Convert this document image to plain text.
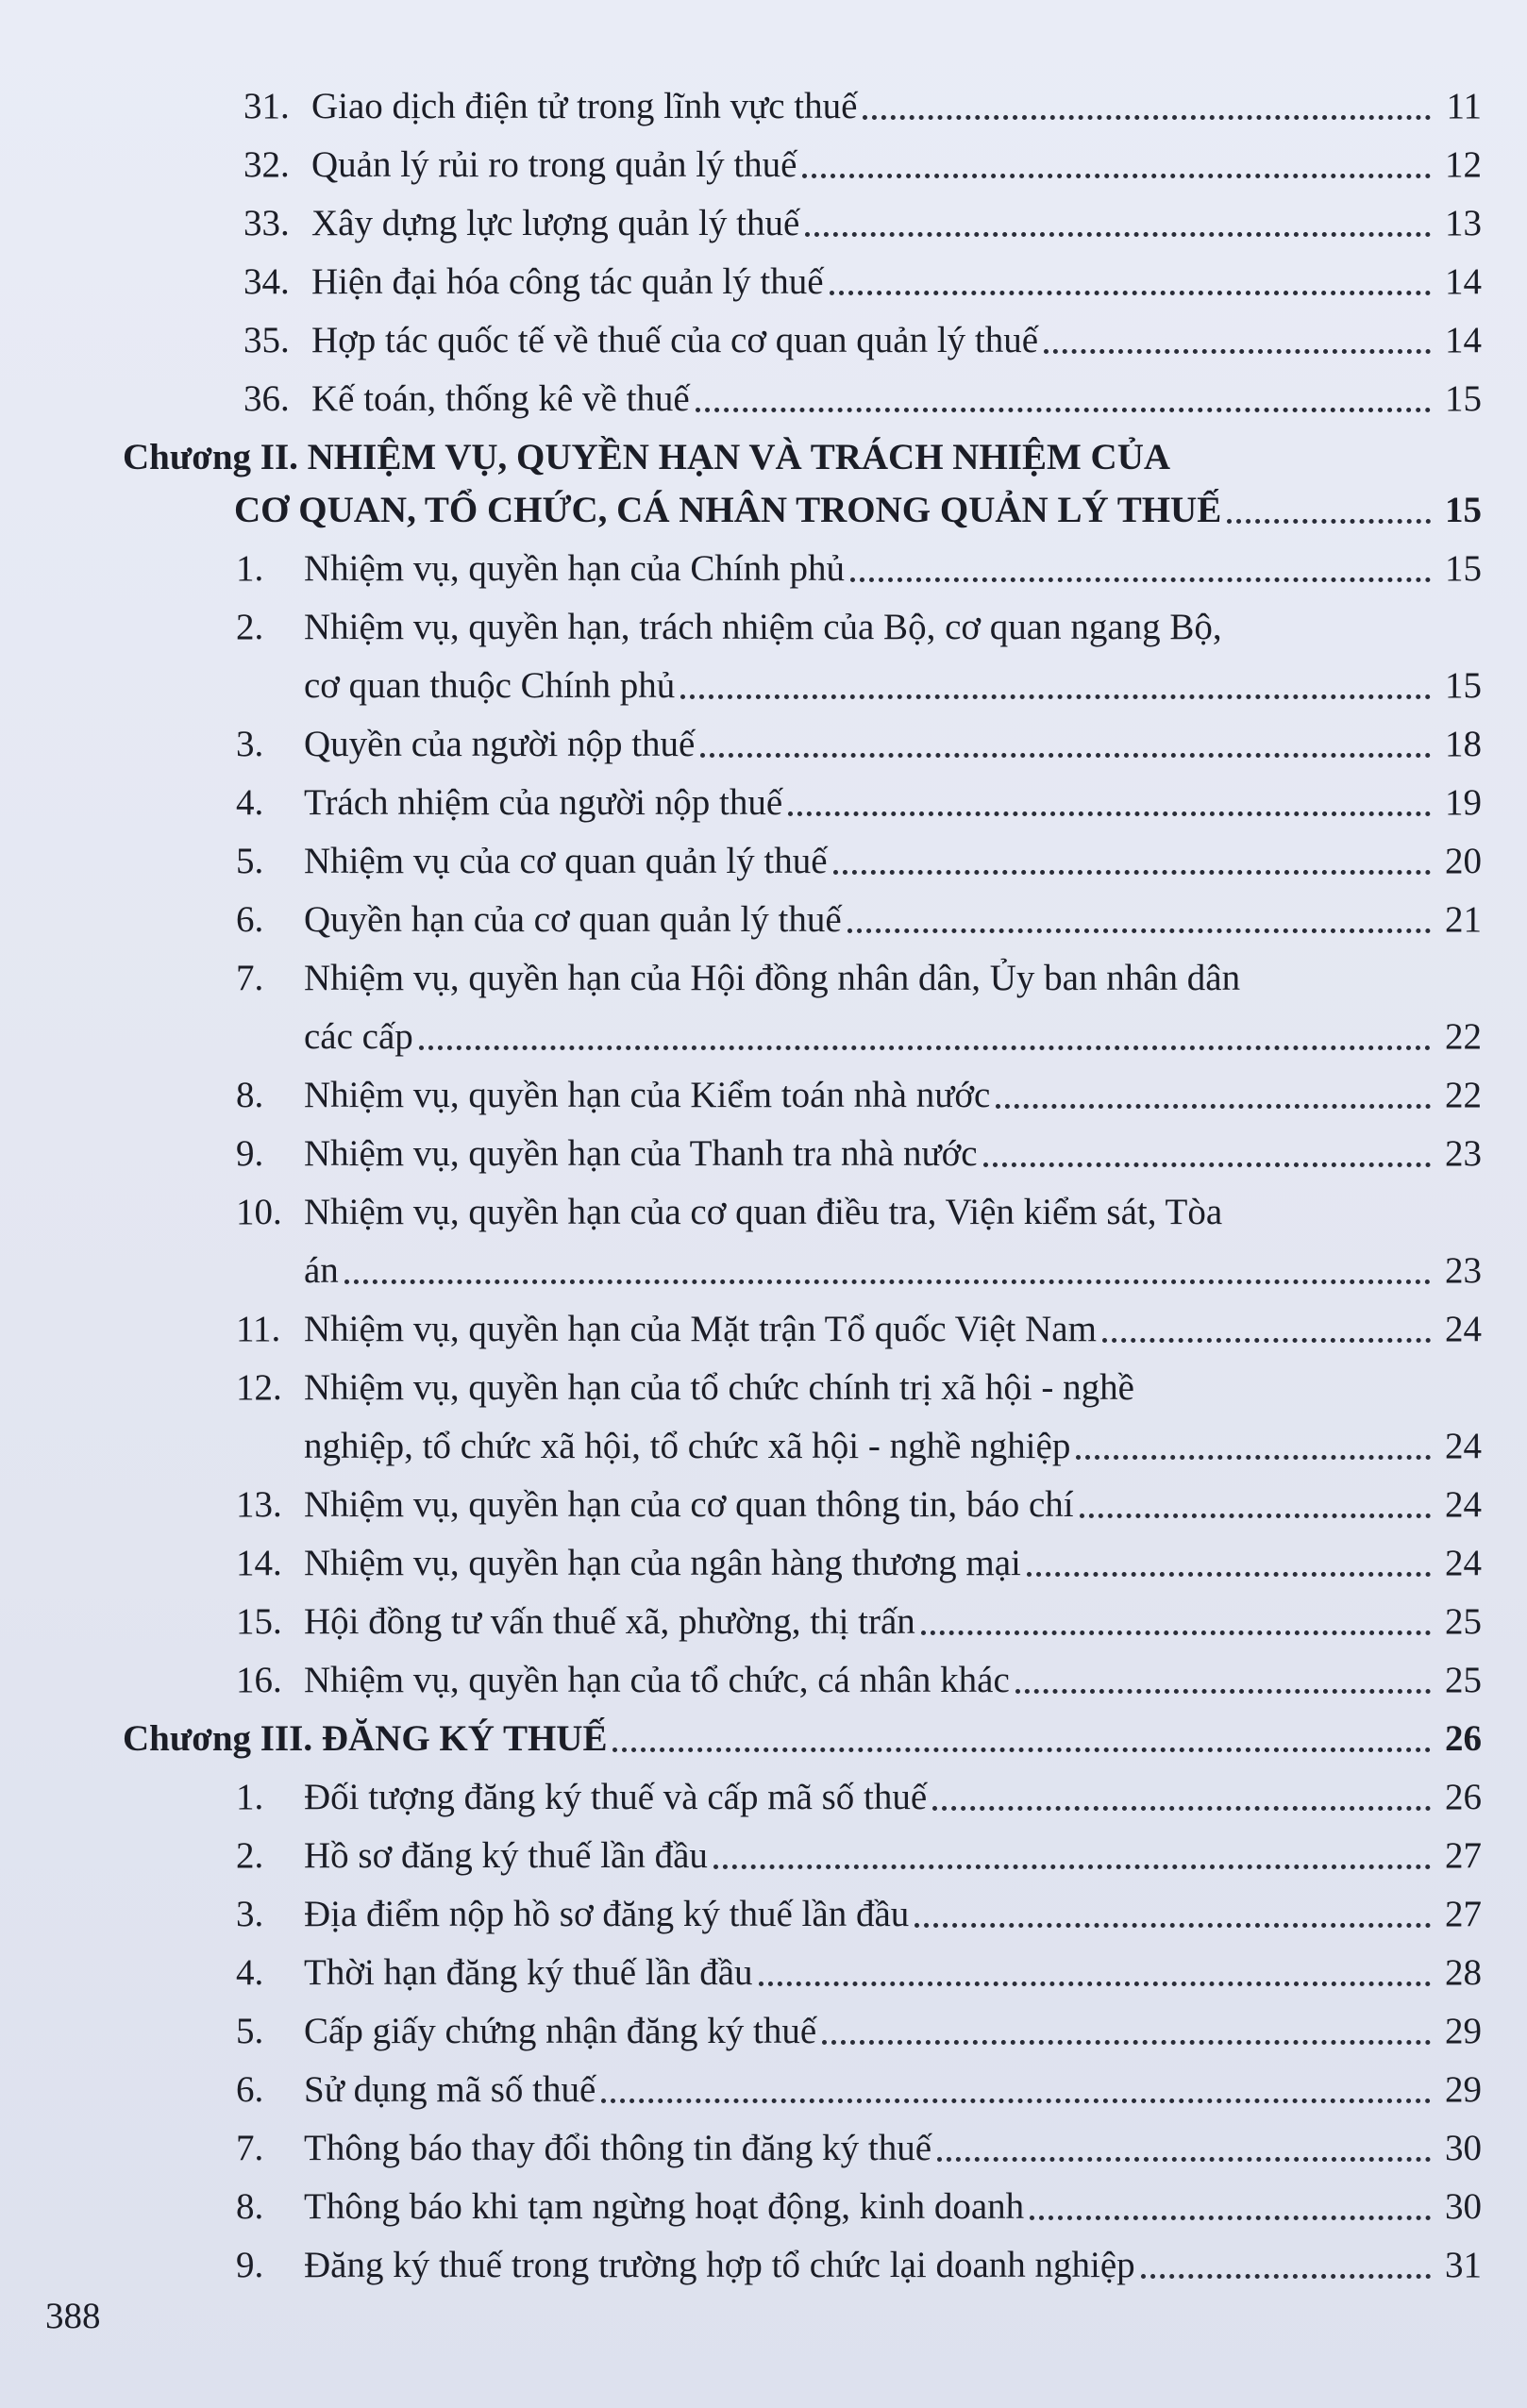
31. Giao dịch điện tử trong lĩnh vực thuế	11
32. Quản lý rủi ro trong quản lý thuế	12
33. Xây dựng lực lượng quản lý thuế	13
34. Hiện đại hóa công tác quản lý thuế	14
35. Hợp tác quốc tế về thuế của cơ quan quản lý thuế	14
36. Kế toán, thống kê về thuế	15
Chương II. NHIỆM VỤ, QUYỀN HẠN VÀ TRÁCH NHIỆM CỦA
CƠ QUAN, TỔ CHỨC, CÁ NHÂN TRONG QUẢN LÝ THUẾ	15
1.	Nhiệm vụ, quyền hạn của Chính phủ	15
2.	Nhiệm vụ, quyền hạn, trách nhiệm của Bộ, cơ quan ngang Bộ,
cơ quan thuộc Chính phủ	15
3.	Quyền của người nộp thuế	18
4.	Trách nhiệm của người nộp thuế	19
5.	Nhiệm vụ của cơ quan quản lý thuế	20
6.	Quyền hạn của cơ quan quản lý thuế	21
7.	Nhiệm vụ, quyền hạn của Hội đồng nhân dân, Ủy ban nhân dân
các cấp	22
8.	Nhiệm vụ, quyền hạn của Kiểm toán nhà nước	22
9.	Nhiệm vụ, quyền hạn của Thanh tra nhà nước	23
10. Nhiệm vụ, quyền hạn của cơ quan điều tra, Viện kiểm sát, Tòa
án	23
11. Nhiệm vụ, quyền hạn của Mặt trận Tổ quốc Việt Nam	24
12. Nhiệm vụ, quyền hạn của tổ chức chính trị xã hội - nghề
nghiệp, tổ chức xã hội, tổ chức xã hội - nghề nghiệp	24
13. Nhiệm vụ, quyền hạn của cơ quan thông tin, báo chí	24
14. Nhiệm vụ, quyền hạn của ngân hàng thương mại	24
15. Hội đồng tư vấn thuế xã, phường, thị trấn	25
16. Nhiệm vụ, quyền hạn của tổ chức, cá nhân khác	25
Chương III. ĐĂNG KÝ THUẾ	26
1.	Đối tượng đăng ký thuế và cấp mã số thuế	26
2.	Hồ sơ đăng ký thuế lần đầu	27
3.	Địa điểm nộp hồ sơ đăng ký thuế lần đầu	27
4.	Thời hạn đăng ký thuế lần đầu	28
5.	Cấp giấy chứng nhận đăng ký thuế	29
6.	Sử dụng mã số thuế	29
7.	Thông báo thay đổi thông tin đăng ký thuế	30
8.	Thông báo khi tạm ngừng hoạt động, kinh doanh	30
9.	Đăng ký thuế trong trường hợp tổ chức lại doanh nghiệp	31
388
